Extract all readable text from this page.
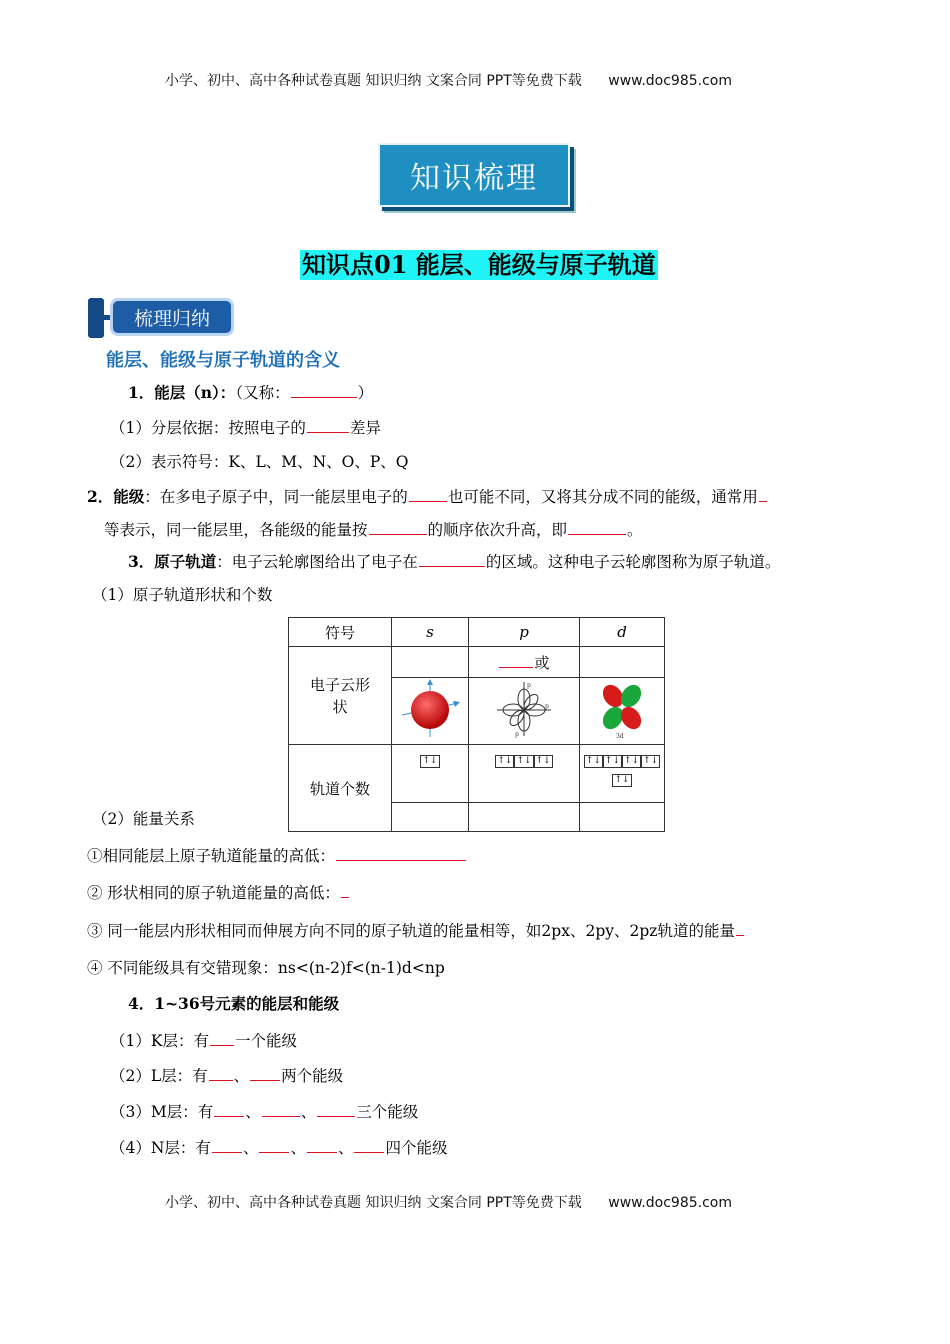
小学、初中、高中各种试卷真题 知识归纳 文案合同 PPT等免费下载 www.doc985.com
知识梳理
知识点01 能层、能级与原子轨道
梳理归纳
能层、能级与原子轨道的含义
1．能层（n）：（又称：	）
（1）分层依据：按照电子的	差异
（2）表示符号：K、L、M、N、O、P、Q
2．能级：在多电子原子中，同一能层里电子的	也可能不同，又将其分成不同的能级，通常用
等表示，同一能层里，各能级的能量按	的顺序依次升高，即	。
3．原子轨道：电子云轮廓图给出了电子在	的区域。这种电子云轮廓图称为原子轨道。
（1）原子轨道形状和个数
符号	s	p	d

电子云形状		或	

p
p
p	3d

轨道个数	↑↓	↑↓ ↑↓ ↑↓	↑↓ ↑↓ ↑↓ ↑↓↑↓

（2）能量关系
①相同能层上原子轨道能量的高低：
② 形状相同的原子轨道能量的高低：
③ 同一能层内形状相同而伸展方向不同的原子轨道的能量相等，如2px、2py、2pz轨道的能量
④ 不同能级具有交错现象：ns<(n-2)f<(n-1)d<np
4．1~36号元素的能层和能级
（1）K层：有 一个能级
（2）L层：有 、 两个能级
（3）M层：有 、	、	三个能级
（4）N层：有 、 、 、 四个能级
小学、初中、高中各种试卷真题 知识归纳 文案合同 PPT等免费下载 www.doc985.com
